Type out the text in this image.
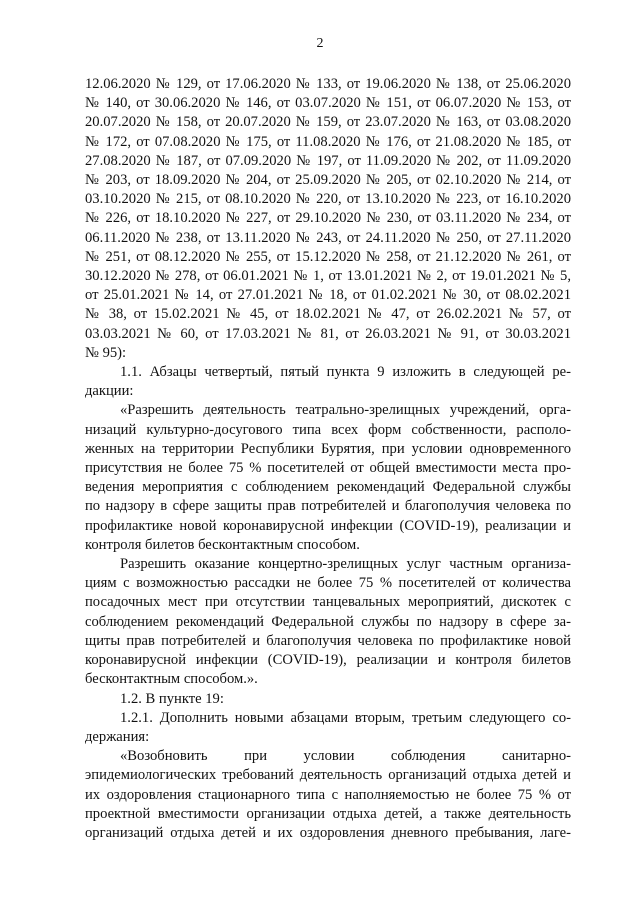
2

12.06.2020 № 129, от 17.06.2020 № 133, от 19.06.2020 № 138, от 25.06.2020

№ 140, от 30.06.2020 № 146, от 03.07.2020 № 151, от 06.07.2020 № 153, от

20.07.2020 № 158, от 20.07.2020 № 159, от 23.07.2020 № 163, от 03.08.2020

№ 172, от 07.08.2020 № 175, от 11.08.2020 № 176, от 21.08.2020 № 185, от

27.08.2020 № 187, от 07.09.2020 № 197, от 11.09.2020 № 202, от 11.09.2020

№ 203, от 18.09.2020 № 204, от 25.09.2020 № 205, от 02.10.2020 № 214, от

03.10.2020 № 215, от 08.10.2020 № 220, от 13.10.2020 № 223, от 16.10.2020

№ 226, от 18.10.2020 № 227, от 29.10.2020 № 230, от 03.11.2020 № 234, от

06.11.2020 № 238, от 13.11.2020 № 243, от 24.11.2020 № 250, от 27.11.2020

№ 251, от 08.12.2020 № 255, от 15.12.2020 № 258, от 21.12.2020 № 261, от

30.12.2020 № 278, от 06.01.2021 № 1, от 13.01.2021 № 2, от 19.01.2021 № 5,

от 25.01.2021 № 14, от 27.01.2021 № 18, от 01.02.2021 № 30, от 08.02.2021

№ 38, от 15.02.2021 № 45, от 18.02.2021 № 47, от 26.02.2021 № 57, от

03.03.2021 № 60, от 17.03.2021 № 81, от 26.03.2021 № 91, от 30.03.2021

№ 95):

1.1. Абзацы четвертый, пятый пункта 9 изложить в следующей ре-

дакции:

«Разрешить деятельность театрально-зрелищных учреждений, орга-

низаций культурно-досугового типа всех форм собственности, располо-

женных на территории Республики Бурятия, при условии одновременного

присутствия не более 75 % посетителей от общей вместимости места про-

ведения мероприятия с соблюдением рекомендаций Федеральной службы

по надзору в сфере защиты прав потребителей и благополучия человека по

профилактике новой коронавирусной инфекции (COVID-19), реализации и

контроля билетов бесконтактным способом.

Разрешить оказание концертно-зрелищных услуг частным организа-

циям с возможностью рассадки не более 75 % посетителей от количества

посадочных мест при отсутствии танцевальных мероприятий, дискотек с

соблюдением рекомендаций Федеральной службы по надзору в сфере за-

щиты прав потребителей и благополучия человека по профилактике новой

коронавирусной инфекции (COVID-19), реализации и контроля билетов

бесконтактным способом.».

1.2. В пункте 19:

1.2.1. Дополнить новыми абзацами вторым, третьим следующего со-

держания:

«Возобновить при условии соблюдения санитарно-

эпидемиологических требований деятельность организаций отдыха детей и

их оздоровления стационарного типа с наполняемостью не более 75 % от

проектной вместимости организации отдыха детей, а также деятельность

организаций отдыха детей и их оздоровления дневного пребывания, лаге-
